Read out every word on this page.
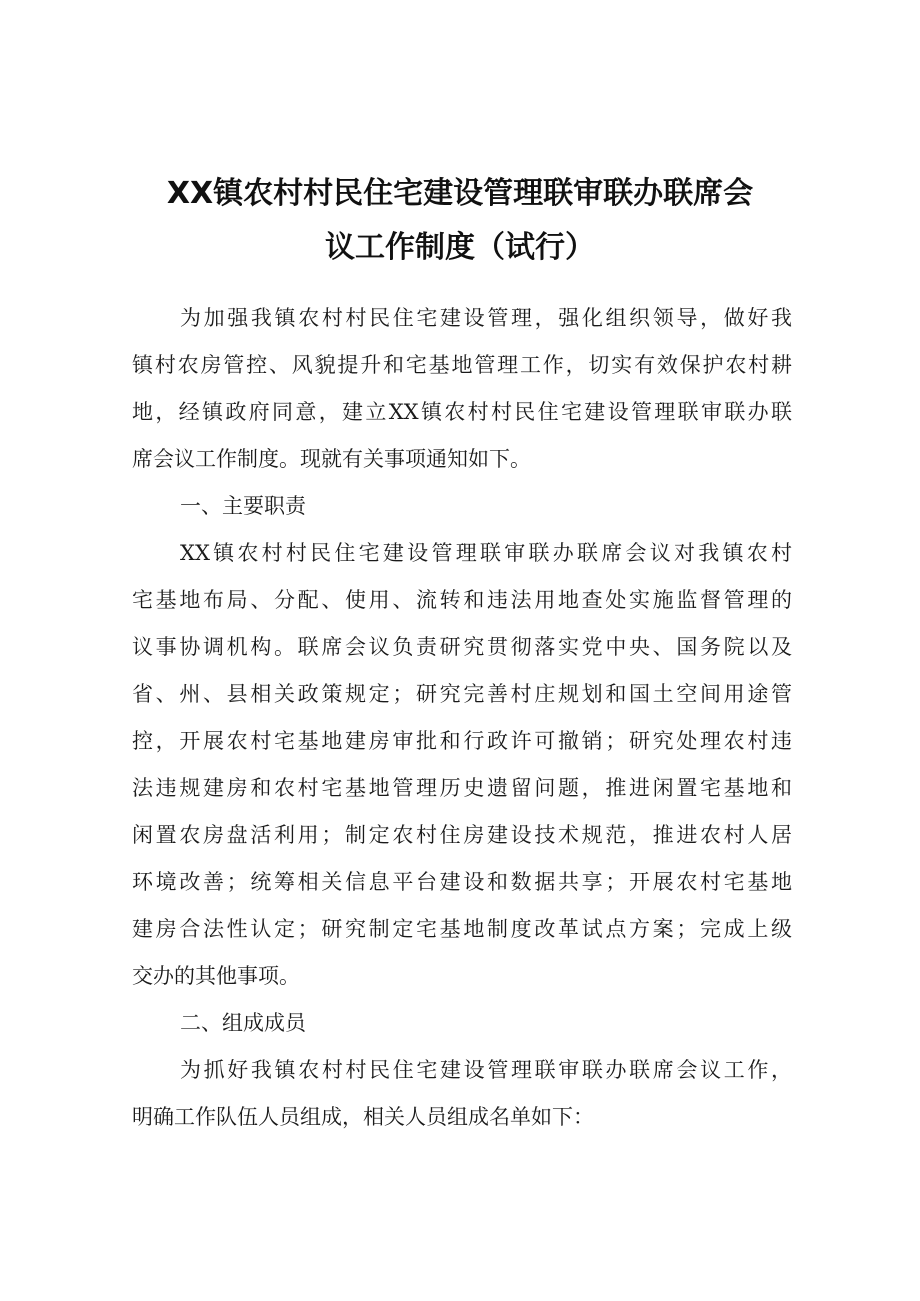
XX镇农村村民住宅建设管理联审联办联席会
议工作制度（试行）
为加强我镇农村村民住宅建设管理，强化组织领导，做好我
镇村农房管控、风貌提升和宅基地管理工作，切实有效保护农村耕
地，经镇政府同意，建立XX镇农村村民住宅建设管理联审联办联
席会议工作制度。现就有关事项通知如下。
一、主要职责
XX镇农村村民住宅建设管理联审联办联席会议对我镇农村
宅基地布局、分配、使用、流转和违法用地查处实施监督管理的
议事协调机构。联席会议负责研究贯彻落实党中央、国务院以及
省、州、县相关政策规定；研究完善村庄规划和国土空间用途管
控，开展农村宅基地建房审批和行政许可撤销；研究处理农村违
法违规建房和农村宅基地管理历史遗留问题，推进闲置宅基地和
闲置农房盘活利用；制定农村住房建设技术规范，推进农村人居
环境改善；统筹相关信息平台建设和数据共享；开展农村宅基地
建房合法性认定；研究制定宅基地制度改革试点方案；完成上级
交办的其他事项。
二、组成成员
为抓好我镇农村村民住宅建设管理联审联办联席会议工作，
明确工作队伍人员组成，相关人员组成名单如下：
